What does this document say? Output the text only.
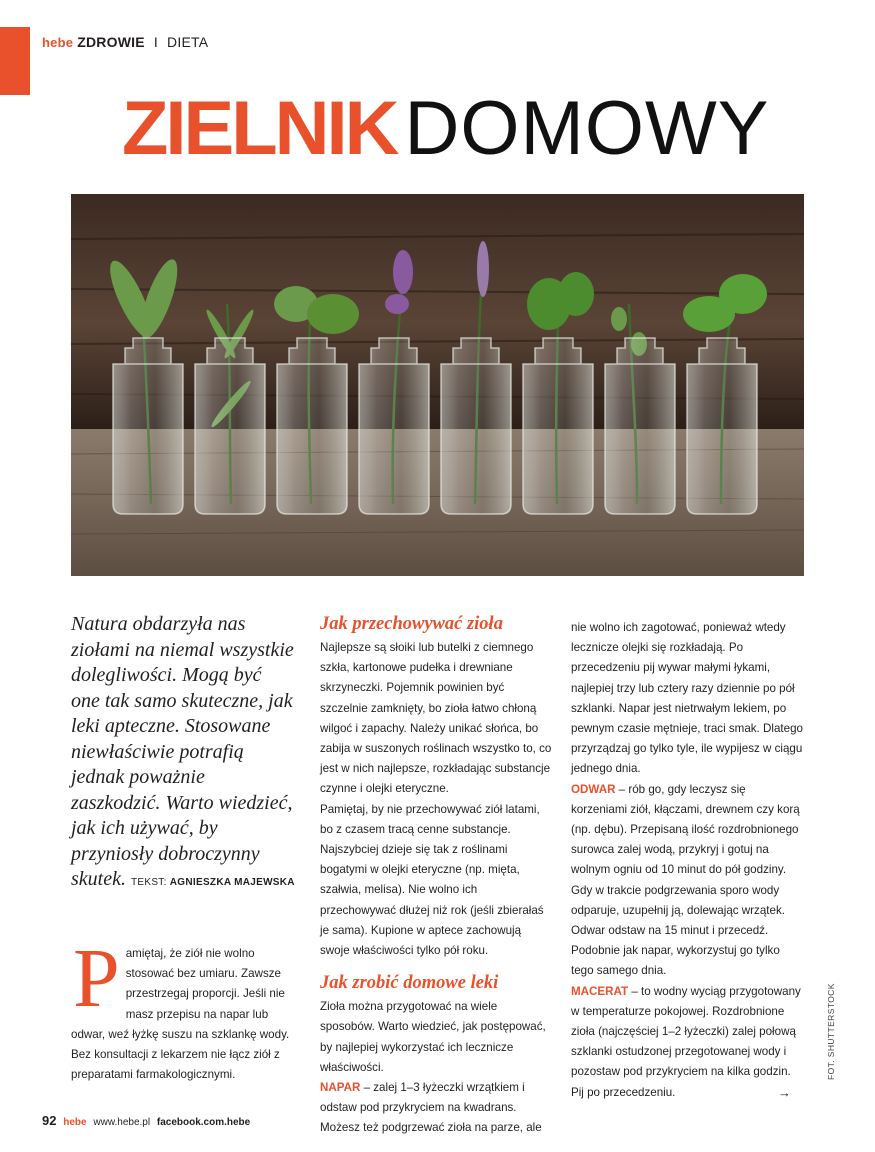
hebe ZDROWIE I DIETA
ZIELNIK DOMOWY
Natura obdarzyła nas ziołami na niemal wszystkie dolegliwości. Mogą być one tak samo skuteczne, jak leki apteczne. Stosowane niewłaściwie potrafią jednak poważnie zaszkodzić. Warto wiedzieć, jak ich używać, by przyniosły dobroczynny skutek. TEKST: AGNIESZKA MAJEWSKA
P amiętaj, że ziół nie wolno stosować bez umiaru. Zawsze przestrzegaj proporcji. Jeśli nie masz przepisu na napar lub odwar, weź łyżkę suszu na szklankę wody. Bez konsultacji z lekarzem nie łącz ziół z preparatami farmakologicznymi.
Jak przechowywać zioła

Najlepsze są słoiki lub butelki z ciemnego szkła, kartonowe pudełka i drewniane skrzyneczki. Pojemnik powinien być szczelnie zamknięty, bo zioła łatwo chłoną wilgoć i zapachy. Należy unikać słońca, bo zabija w suszonych roślinach wszystko to, co jest w nich najlepsze, rozkładając substancje czynne i olejki eteryczne.

Pamiętaj, by nie przechowywać ziół latami, bo z czasem tracą cenne substancje. Najszybciej dzieje się tak z roślinami bogatymi w olejki eteryczne (np. mięta, szałwia, melisa). Nie wolno ich przechowywać dłużej niż rok (jeśli zbierałaś je sama). Kupione w aptece zachowują swoje właściwości tylko pół roku.

Jak zrobić domowe leki

Zioła można przygotować na wiele sposobów. Warto wiedzieć, jak postępować, by najlepiej wykorzystać ich lecznicze właściwości.

NAPAR – zalej 1–3 łyżeczki wrzątkiem i odstaw pod przykryciem na kwadrans. Możesz też podgrzewać zioła na parze, ale

nie wolno ich zagotować, ponieważ wtedy lecznicze olejki się rozkładają. Po przecedzeniu pij wywar małymi łykami, najlepiej trzy lub cztery razy dziennie po pół szklanki. Napar jest nietrwałym lekiem, po pewnym czasie mętnieje, traci smak. Dlatego przyrządzaj go tylko tyle, ile wypijesz w ciągu jednego dnia.

ODWAR – rób go, gdy leczysz się korzeniami ziół, kłączami, drewnem czy korą (np. dębu). Przepisaną ilość rozdrobnionego surowca zalej wodą, przykryj i gotuj na wolnym ogniu od 10 minut do pół godziny. Gdy w trakcie podgrzewania sporo wody odparuje, uzupełnij ją, dolewając wrzątek. Odwar odstaw na 15 minut i przecedź. Podobnie jak napar, wykorzystuj go tylko tego samego dnia.

MACERAT – to wodny wyciąg przygotowany w temperaturze pokojowej. Rozdrobnione zioła (najczęściej 1–2 łyżeczki) zalej połową szklanki ostudzonej przegotowanej wody i pozostaw pod przykryciem na kilka godzin. Pij po przecedzeniu.	→

FOT. SHUTTERSTOCK
92 hebe www.hebe.pl facebook.com.hebe
